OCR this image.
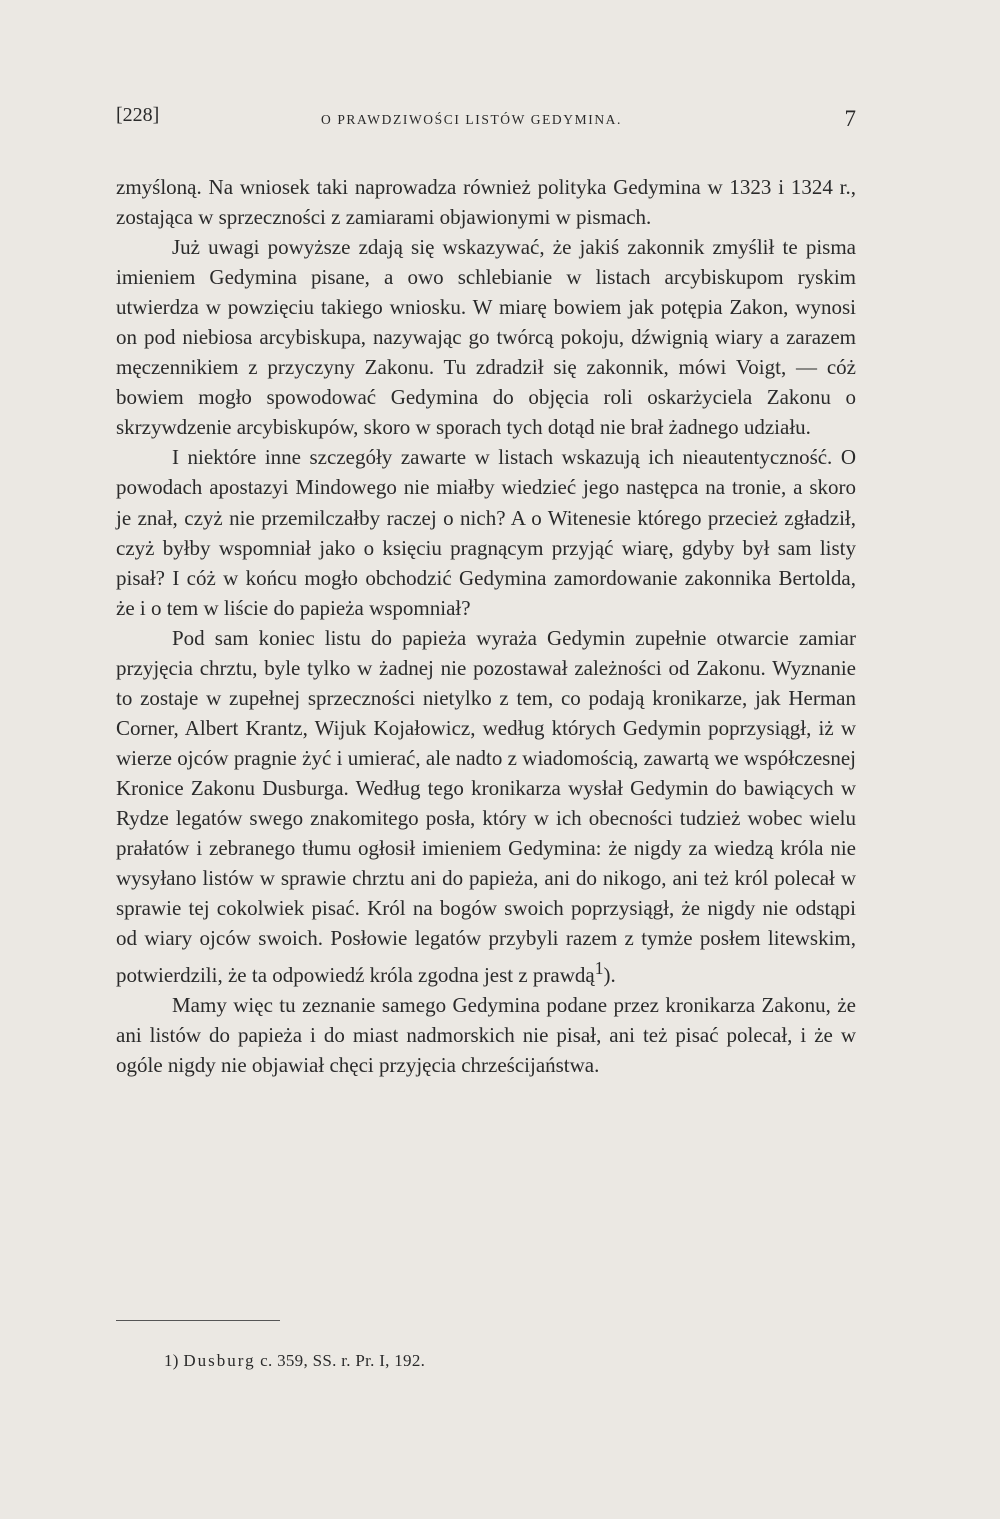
[228]	O PRAWDZIWOŚCI LISTÓW GEDYMINA.	7

zmyśloną. Na wniosek taki naprowadza również polityka Gedymina w 1323 i 1324 r., zostająca w sprzeczności z zamiarami objawionymi w pismach.

Już uwagi powyższe zdają się wskazywać, że jakiś zakonnik zmyślił te pisma imieniem Gedymina pisane, a owo schlebianie w listach arcybiskupom ryskim utwierdza w powzięciu takiego wniosku. W miarę bowiem jak potępia Zakon, wynosi on pod niebiosa arcybiskupa, nazywając go twórcą pokoju, dźwignią wiary a zarazem męczennikiem z przyczyny Zakonu. Tu zdradził się zakonnik, mówi Voigt, — cóż bowiem mogło spowodować Gedymina do objęcia roli oskarżyciela Zakonu o skrzywdzenie arcybiskupów, skoro w sporach tych dotąd nie brał żadnego udziału.

I niektóre inne szczegóły zawarte w listach wskazują ich nieautentyczność. O powodach apostazyi Mindowego nie miałby wiedzieć jego następca na tronie, a skoro je znał, czyż nie przemilczałby raczej o nich? A o Witenesie którego przecież zgładził, czyż byłby wspomniał jako o księciu pragnącym przyjąć wiarę, gdyby był sam listy pisał? I cóż w końcu mogło obchodzić Gedymina zamordowanie zakonnika Bertolda, że i o tem w liście do papieża wspomniał?

Pod sam koniec listu do papieża wyraża Gedymin zupełnie otwarcie zamiar przyjęcia chrztu, byle tylko w żadnej nie pozostawał zależności od Zakonu. Wyznanie to zostaje w zupełnej sprzeczności nietylko z tem, co podają kronikarze, jak Herman Corner, Albert Krantz, Wijuk Kojałowicz, według których Gedymin poprzysiągł, iż w wierze ojców pragnie żyć i umierać, ale nadto z wiadomością, zawartą we współczesnej Kronice Zakonu Dusburga. Według tego kronikarza wysłał Gedymin do bawiących w Rydze legatów swego znakomitego posła, który w ich obecności tudzież wobec wielu prałatów i zebranego tłumu ogłosił imieniem Gedymina: że nigdy za wiedzą króla nie wysyłano listów w sprawie chrztu ani do papieża, ani do nikogo, ani też król polecał w sprawie tej cokolwiek pisać. Król na bogów swoich poprzysiągł, że nigdy nie odstąpi od wiary ojców swoich. Posłowie legatów przybyli razem z tymże posłem litewskim, potwierdzili, że ta odpowiedź króla zgodna jest z prawdą$^1$).

Mamy więc tu zeznanie samego Gedymina podane przez kronikarza Zakonu, że ani listów do papieża i do miast nadmorskich nie pisał, ani też pisać polecał, i że w ogóle nigdy nie objawiał chęci przyjęcia chrześcijaństwa.

1) Dusburg c. 359, SS. r. Pr. I, 192.
